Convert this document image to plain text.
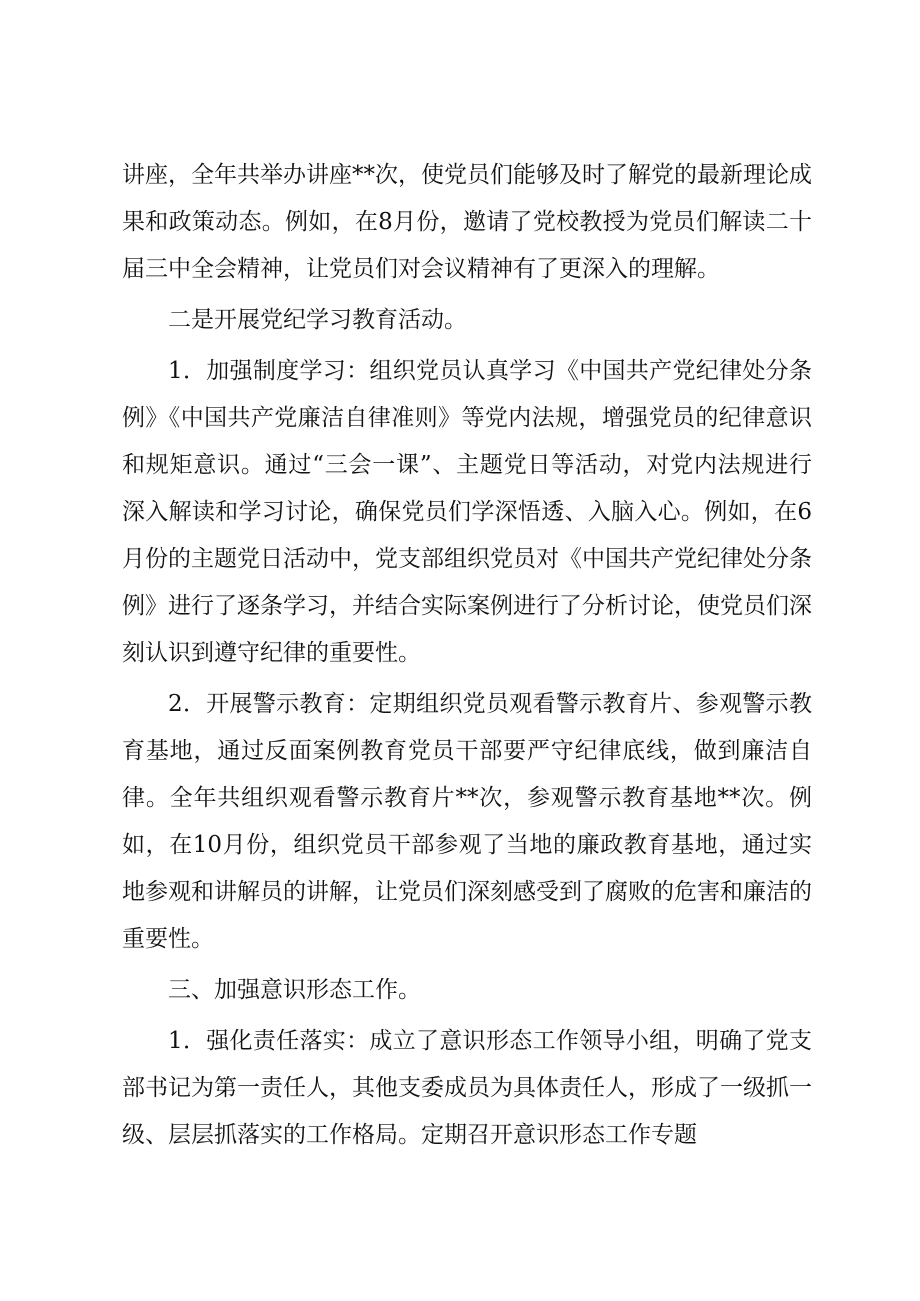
讲座，全年共举办讲座**次，使党员们能够及时了解党的最新理论成果和政策动态。例如，在8月份，邀请了党校教授为党员们解读二十届三中全会精神，让党员们对会议精神有了更深入的理解。

二是开展党纪学习教育活动。

1．加强制度学习：组织党员认真学习《中国共产党纪律处分条例》《中国共产党廉洁自律准则》等党内法规，增强党员的纪律意识和规矩意识。通过“三会一课”、主题党日等活动，对党内法规进行深入解读和学习讨论，确保党员们学深悟透、入脑入心。例如，在6月份的主题党日活动中，党支部组织党员对《中国共产党纪律处分条例》进行了逐条学习，并结合实际案例进行了分析讨论，使党员们深刻认识到遵守纪律的重要性。

2．开展警示教育：定期组织党员观看警示教育片、参观警示教育基地，通过反面案例教育党员干部要严守纪律底线，做到廉洁自律。全年共组织观看警示教育片**次，参观警示教育基地**次。例如，在10月份，组织党员干部参观了当地的廉政教育基地，通过实地参观和讲解员的讲解，让党员们深刻感受到了腐败的危害和廉洁的重要性。

三、加强意识形态工作。

1．强化责任落实：成立了意识形态工作领导小组，明确了党支部书记为第一责任人，其他支委成员为具体责任人，形成了一级抓一级、层层抓落实的工作格局。定期召开意识形态工作专题
